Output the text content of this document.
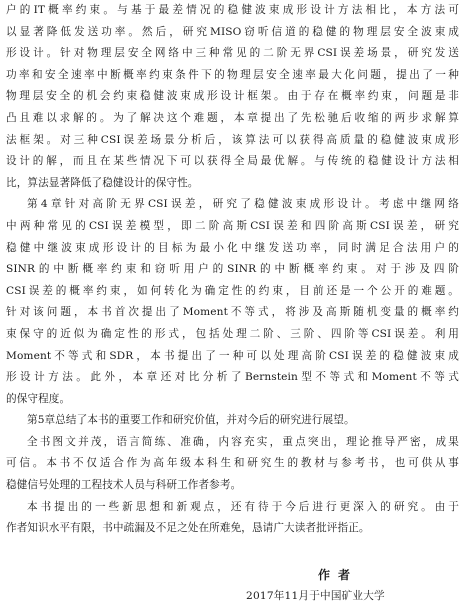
户的IT概率约束。与基于最差情况的稳健波束成形设计方法相比，本方法可
以显著降低发送功率。然后，研究MISO窃听信道的稳健的物理层安全波束成
形设计。针对物理层安全网络中三种常见的二阶无界CSI误差场景，研究发送
功率和安全速率中断概率约束条件下的物理层安全速率最大化问题，提出了一种
物理层安全的机会约束稳健波束成形设计框架。由于存在概率约束，问题是非
凸且难以求解的。为了解决这个难题，本章提出了先松驰后收缩的两步求解算
法框架。对三种CSI误差场景分析后，该算法可以获得高质量的稳健波束成形
设计的解，而且在某些情况下可以获得全局最优解。与传统的稳健设计方法相
比，算法显著降低了稳健设计的保守性。
第4章针对高阶无界CSI误差，研究了稳健波束成形设计。考虑中继网络
中两种常见的CSI误差模型，即二阶高斯CSI误差和四阶高斯CSI误差，研究
稳健中继波束成形设计的目标为最小化中继发送功率，同时满足合法用户的
SINR的中断概率约束和窃听用户的SINR的中断概率约束。对于涉及四阶
CSI误差的概率约束，如何转化为确定性的约束，目前还是一个公开的难题。
针对该问题，本书首次提出了Moment不等式，将涉及高斯随机变量的概率约
束保守的近似为确定性的形式，包括处理二阶、三阶、四阶等CSI误差。利用
Moment不等式和SDR，本书提出了一种可以处理高阶CSI误差的稳健波束成
形设计方法。此外，本章还对比分析了Bernstein型不等式和Moment不等式
的保守程度。
第5章总结了本书的重要工作和研究价值，并对今后的研究进行展望。
全书图文并茂，语言简练、准确，内容充实，重点突出，理论推导严密，成果
可信。本书不仅适合作为高年级本科生和研究生的教材与参考书，也可供从事
稳健信号处理的工程技术人员与科研工作者参考。
本书提出的一些新思想和新观点，还有待于今后进行更深入的研究。由于
作者知识水平有限，书中疏漏及不足之处在所难免，恳请广大读者批评指正。
作者
2017年11月于中国矿业大学
